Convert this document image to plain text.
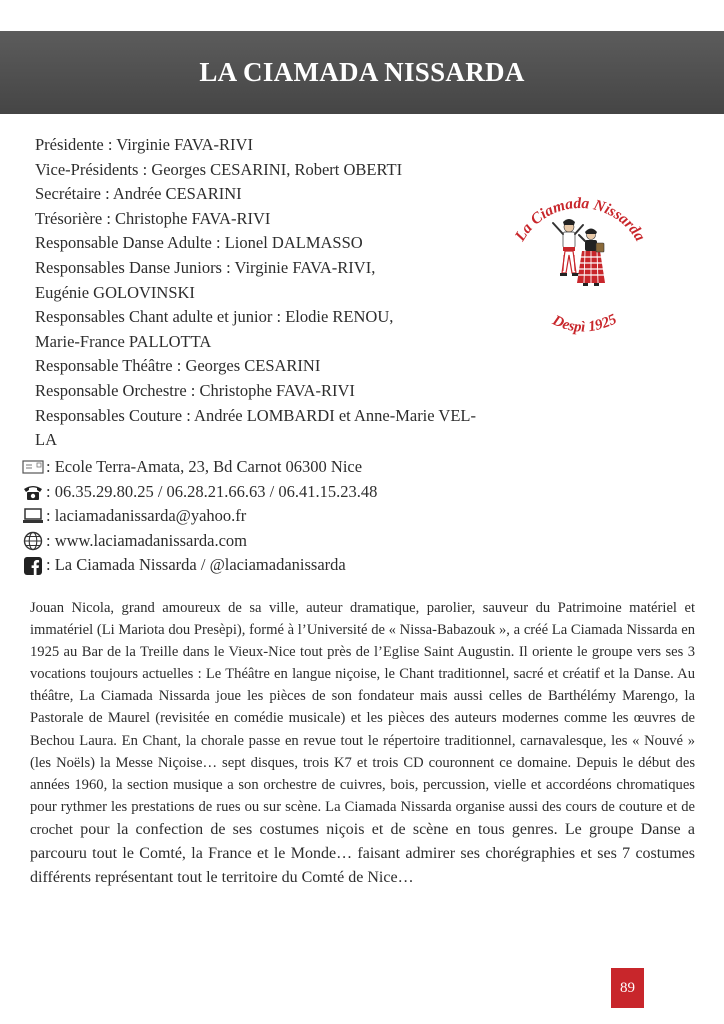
LA CIAMADA NISSARDA
Présidente : Virginie FAVA-RIVI
Vice-Présidents : Georges CESARINI, Robert OBERTI
Secrétaire : Andrée CESARINI
Trésorière : Christophe FAVA-RIVI
Responsable Danse Adulte : Lionel DALMASSO
Responsables Danse Juniors : Virginie FAVA-RIVI,
Eugénie GOLOVINSKI
Responsables Chant adulte et junior : Elodie RENOU,
Marie-France PALLOTTA
Responsable Théâtre : Georges CESARINI
Responsable Orchestre : Christophe FAVA-RIVI
Responsables Couture : Andrée LOMBARDI et Anne-Marie VEL-
LA
: Ecole Terra-Amata, 23, Bd Carnot 06300 Nice
: 06.35.29.80.25 / 06.28.21.66.63 / 06.41.15.23.48
: laciamadanissarda@yahoo.fr
: www.laciamadanissarda.com
: La Ciamada Nissarda / @laciamadanissarda
La Ciamada Nissarda
Despì 1925
Jouan Nicola, grand amoureux de sa ville, auteur dramatique, parolier, sauveur du Patrimoine matériel et immatériel (Li Mariota dou Presèpi), formé à l’Université de « Nissa-Babazouk », a créé La Ciamada Nissarda en 1925 au Bar de la Treille dans le Vieux-Nice tout près de l’Eglise Saint Augustin. Il oriente le groupe vers ses 3 vocations toujours actuelles : Le Théâtre en langue niçoise, le Chant traditionnel, sacré et créatif et la Danse. Au théâtre, La Ciamada Nissarda joue les pièces de son fondateur mais aussi celles de Barthélémy Marengo, la Pastorale de Maurel (revisitée en comédie musicale) et les pièces des auteurs modernes comme les œuvres de Bechou Laura. En Chant, la chorale passe en revue tout le répertoire traditionnel, carnavalesque, les « Nouvé » (les Noëls) la Messe Niçoise… sept disques, trois K7 et trois CD couronnent ce domaine. Depuis le début des années 1960, la section musique a son orchestre de cuivres, bois, percussion, vielle et accordéons chromatiques pour rythmer les prestations de rues ou sur scène. La Ciamada Nissarda organise aussi des cours de couture et de crochet pour la confection de ses costumes niçois et de scène en tous genres. Le groupe Danse a parcouru tout le Comté, la France et le Monde… faisant admirer ses chorégraphies et ses 7 costumes différents représentant tout le territoire du Comté de Nice…
89
